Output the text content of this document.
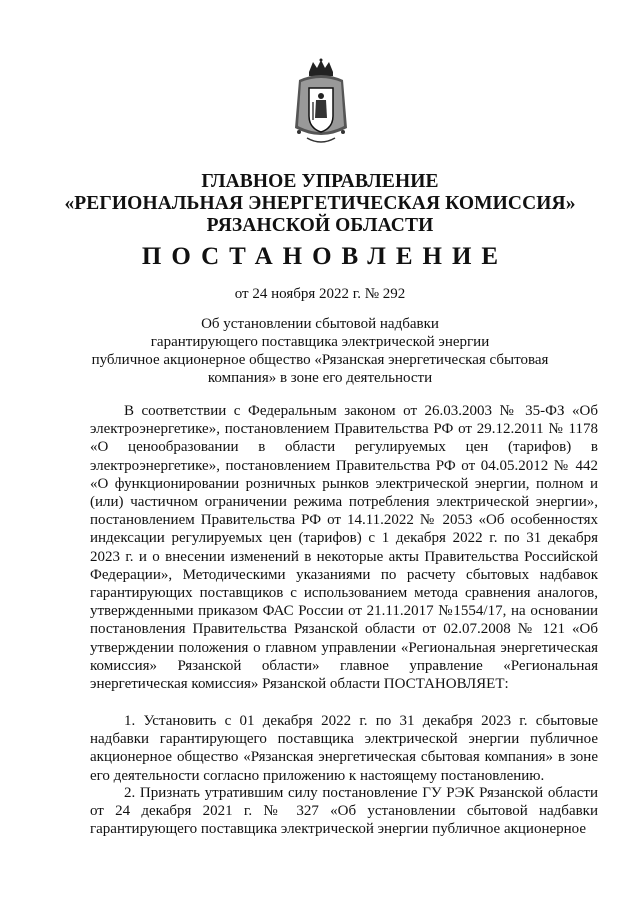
ГЛАВНОЕ УПРАВЛЕНИЕ
«РЕГИОНАЛЬНАЯ ЭНЕРГЕТИЧЕСКАЯ КОМИССИЯ»
РЯЗАНСКОЙ ОБЛАСТИ
ПОСТАНОВЛЕНИЕ
от 24 ноября 2022 г. № 292
Об установлении сбытовой надбавки
гарантирующего поставщика электрической энергии
публичное акционерное общество «Рязанская энергетическая сбытовая
компания» в зоне его деятельности

В соответствии с Федеральным законом от 26.03.2003 № 35-ФЗ «Об электроэнергетике», постановлением Правительства РФ от 29.12.2011 № 1178 «О ценообразовании в области регулируемых цен (тарифов) в электроэнергетике», постановлением Правительства РФ от 04.05.2012 № 442 «О функционировании розничных рынков электрической энергии, полном и (или) частичном ограничении режима потребления электрической энергии», постановлением Правительства РФ от 14.11.2022 № 2053 «Об особенностях индексации регулируемых цен (тарифов) с 1 декабря 2022 г. по 31 декабря 2023 г. и о внесении изменений в некоторые акты Правительства Российской Федерации», Методическими указаниями по расчету сбытовых надбавок гарантирующих поставщиков с использованием метода сравнения аналогов, утвержденными приказом ФАС России от 21.11.2017 №1554/17, на основании постановления Правительства Рязанской области от 02.07.2008 № 121 «Об утверждении положения о главном управлении «Региональная энергетическая комиссия» Рязанской области» главное управление «Региональная энергетическая комиссия» Рязанской области ПОСТАНОВЛЯЕТ:

1. Установить с 01 декабря 2022 г. по 31 декабря 2023 г. сбытовые надбавки гарантирующего поставщика электрической энергии публичное акционерное общество «Рязанская энергетическая сбытовая компания» в зоне его деятельности согласно приложению к настоящему постановлению.

2. Признать утратившим силу постановление ГУ РЭК Рязанской области от 24 декабря 2021 г. № 327 «Об установлении сбытовой надбавки гарантирующего поставщика электрической энергии публичное акционерное
